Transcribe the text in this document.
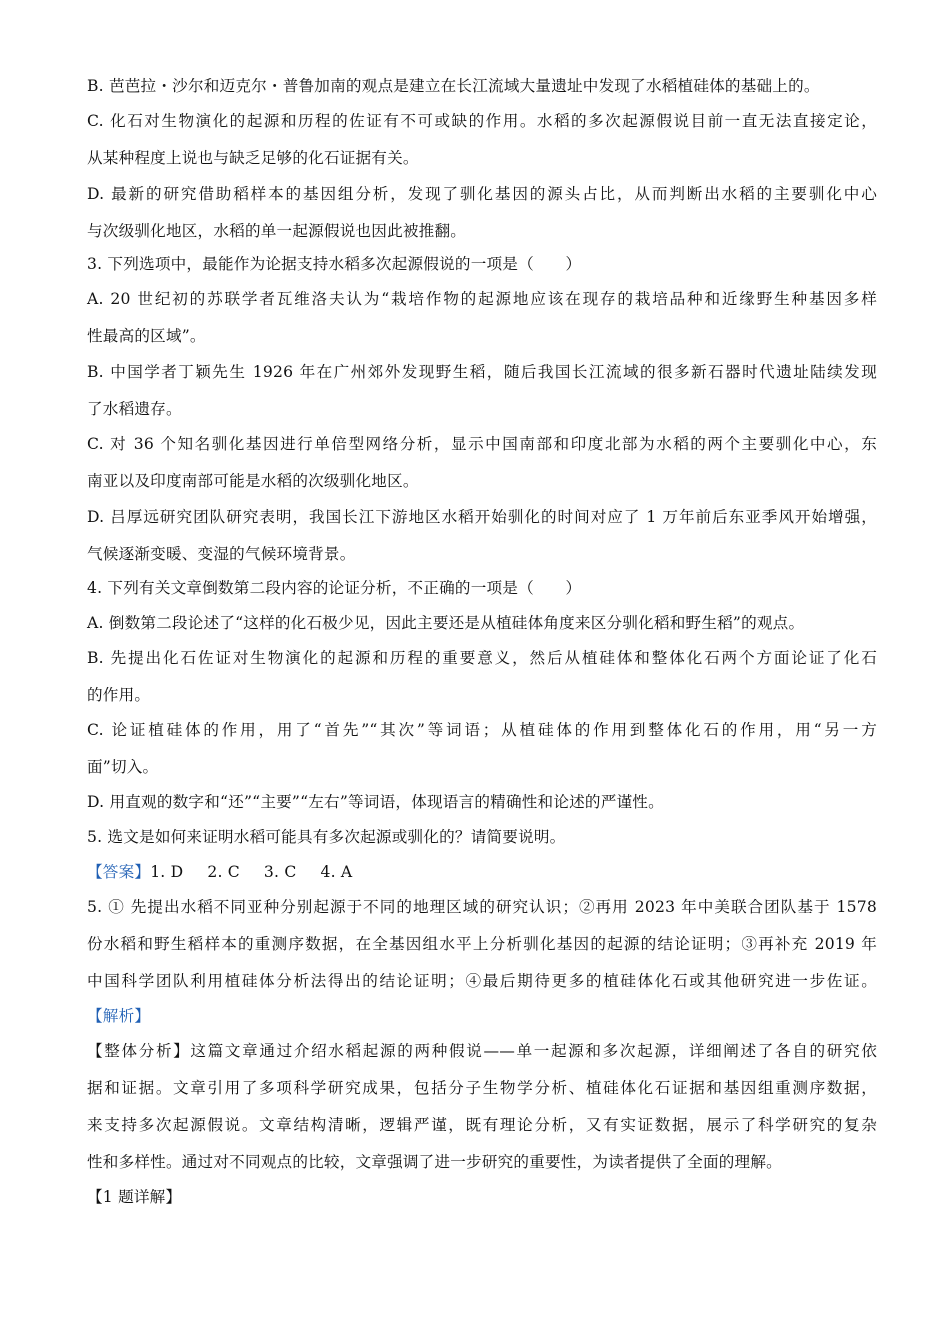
B. 芭芭拉・沙尔和迈克尔・普鲁加南的观点是建立在长江流域大量遗址中发现了水稻植硅体的基础上的。
C. 化石对生物演化的起源和历程的佐证有不可或缺的作用。水稻的多次起源假说目前一直无法直接定论，
从某种程度上说也与缺乏足够的化石证据有关。
D. 最新的研究借助稻样本的基因组分析，发现了驯化基因的源头占比，从而判断出水稻的主要驯化中心
与次级驯化地区，水稻的单一起源假说也因此被推翻。
3. 下列选项中，最能作为论据支持水稻多次起源假说的一项是（　　）
A. 20 世纪初的苏联学者瓦维洛夫认为“栽培作物的起源地应该在现存的栽培品种和近缘野生种基因多样
性最高的区域”。
B. 中国学者丁颖先生 1926 年在广州郊外发现野生稻，随后我国长江流域的很多新石器时代遗址陆续发现
了水稻遗存。
C. 对 36 个知名驯化基因进行单倍型网络分析，显示中国南部和印度北部为水稻的两个主要驯化中心，东
南亚以及印度南部可能是水稻的次级驯化地区。
D. 吕厚远研究团队研究表明，我国长江下游地区水稻开始驯化的时间对应了 1 万年前后东亚季风开始增强，
气候逐渐变暖、变湿的气候环境背景。
4. 下列有关文章倒数第二段内容的论证分析，不正确的一项是（　　）
A. 倒数第二段论述了“这样的化石极少见，因此主要还是从植硅体角度来区分驯化稻和野生稻”的观点。
B. 先提出化石佐证对生物演化的起源和历程的重要意义，然后从植硅体和整体化石两个方面论证了化石
的作用。
C. 论证植硅体的作用，用了“首先”“其次”等词语；从植硅体的作用到整体化石的作用，用“另一方
面”切入。
D. 用直观的数字和“还”“主要”“左右”等词语，体现语言的精确性和论述的严谨性。
5. 选文是如何来证明水稻可能具有多次起源或驯化的？请简要说明。
【答案】1. D 2. C 3. C 4. A
5. ① 先提出水稻不同亚种分别起源于不同的地理区域的研究认识；②再用 2023 年中美联合团队基于 1578
份水稻和野生稻样本的重测序数据，在全基因组水平上分析驯化基因的起源的结论证明；③再补充 2019 年
中国科学团队利用植硅体分析法得出的结论证明；④最后期待更多的植硅体化石或其他研究进一步佐证。
【解析】
【整体分析】这篇文章通过介绍水稻起源的两种假说——单一起源和多次起源，详细阐述了各自的研究依
据和证据。文章引用了多项科学研究成果，包括分子生物学分析、植硅体化石证据和基因组重测序数据，
来支持多次起源假说。文章结构清晰，逻辑严谨，既有理论分析，又有实证数据，展示了科学研究的复杂
性和多样性。通过对不同观点的比较，文章强调了进一步研究的重要性，为读者提供了全面的理解。
【1 题详解】
